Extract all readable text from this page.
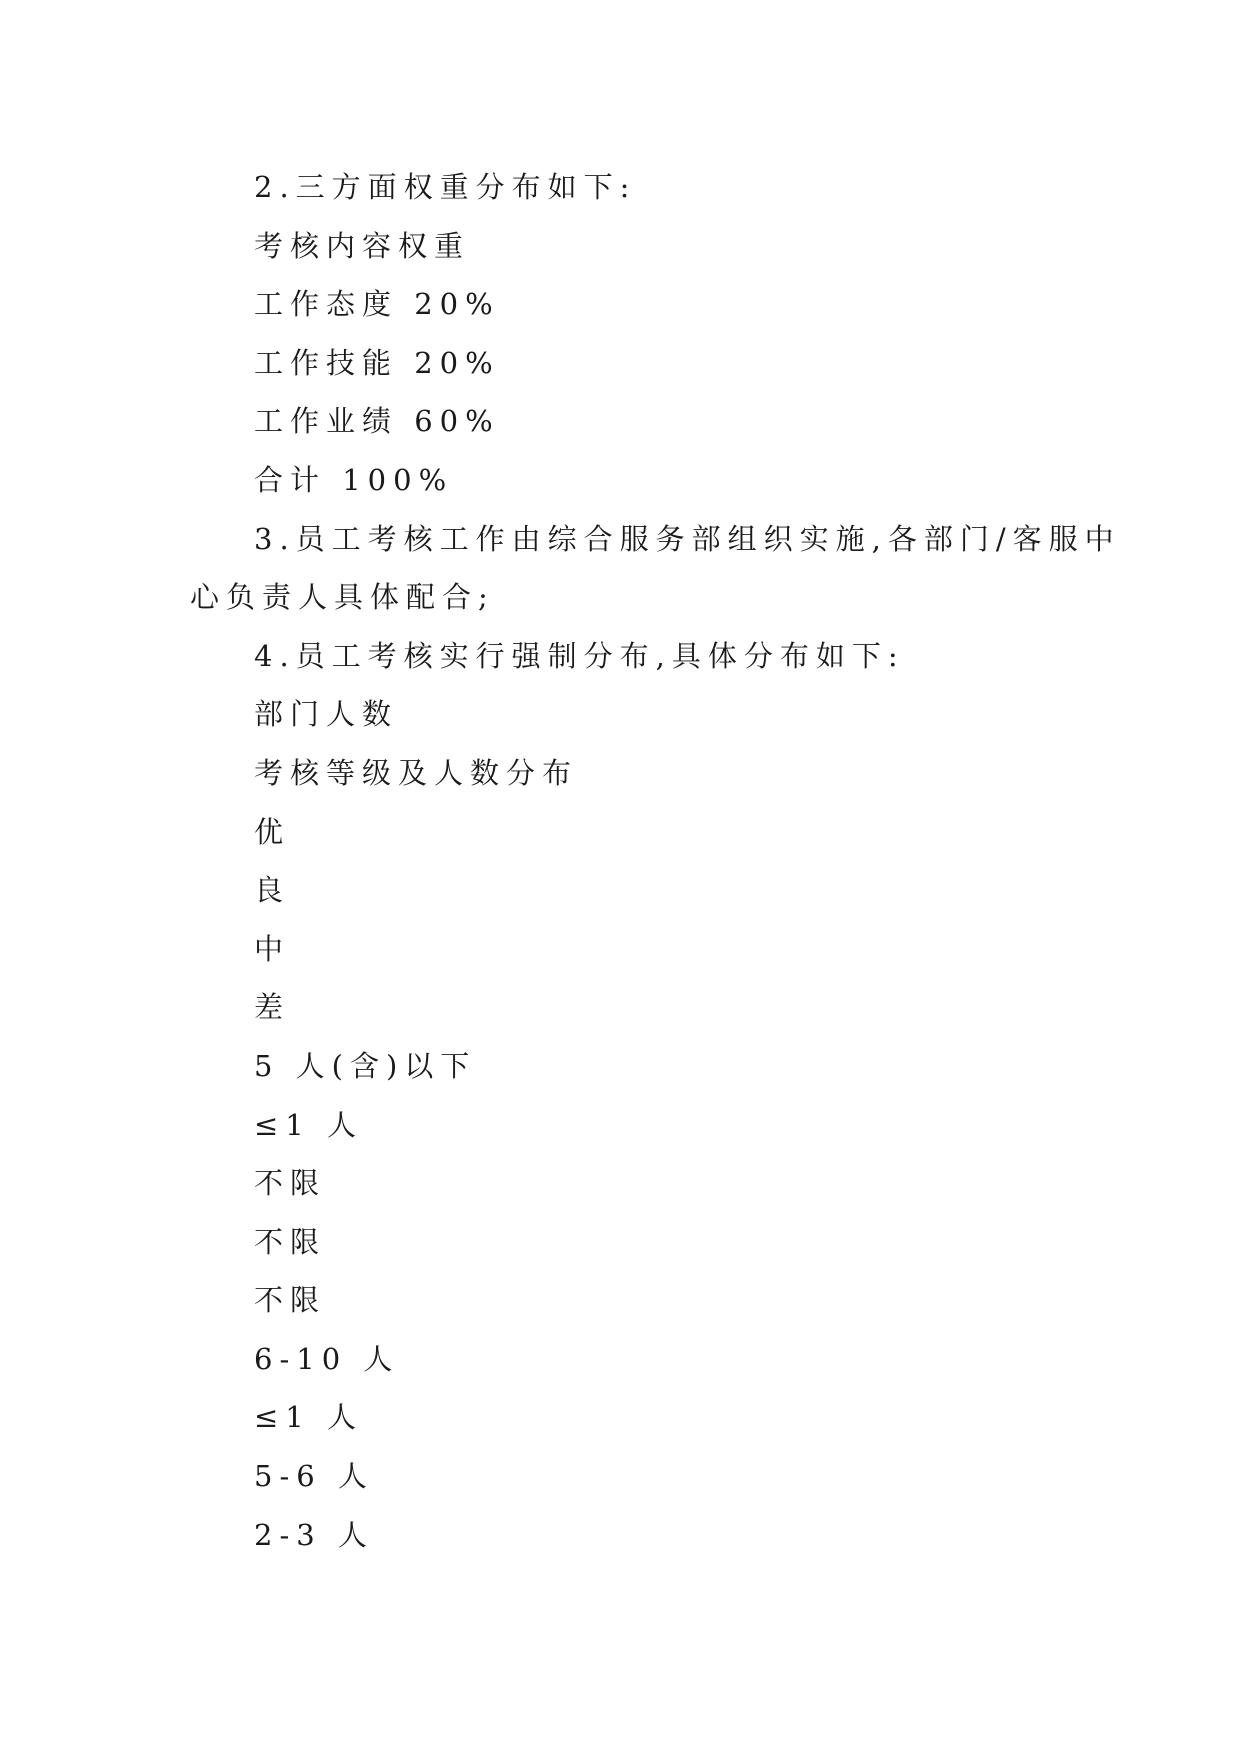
2.三方面权重分布如下:
考核内容权重
工作态度 20%
工作技能 20%
工作业绩 60%
合计 100%
3.员工考核工作由综合服务部组织实施,各部门/客服中
心负责人具体配合;
4.员工考核实行强制分布,具体分布如下:
部门人数
考核等级及人数分布
优
良
中
差
5 人(含)以下
≤1 人
不限
不限
不限
6-10 人
≤1 人
5-6 人
2-3 人
